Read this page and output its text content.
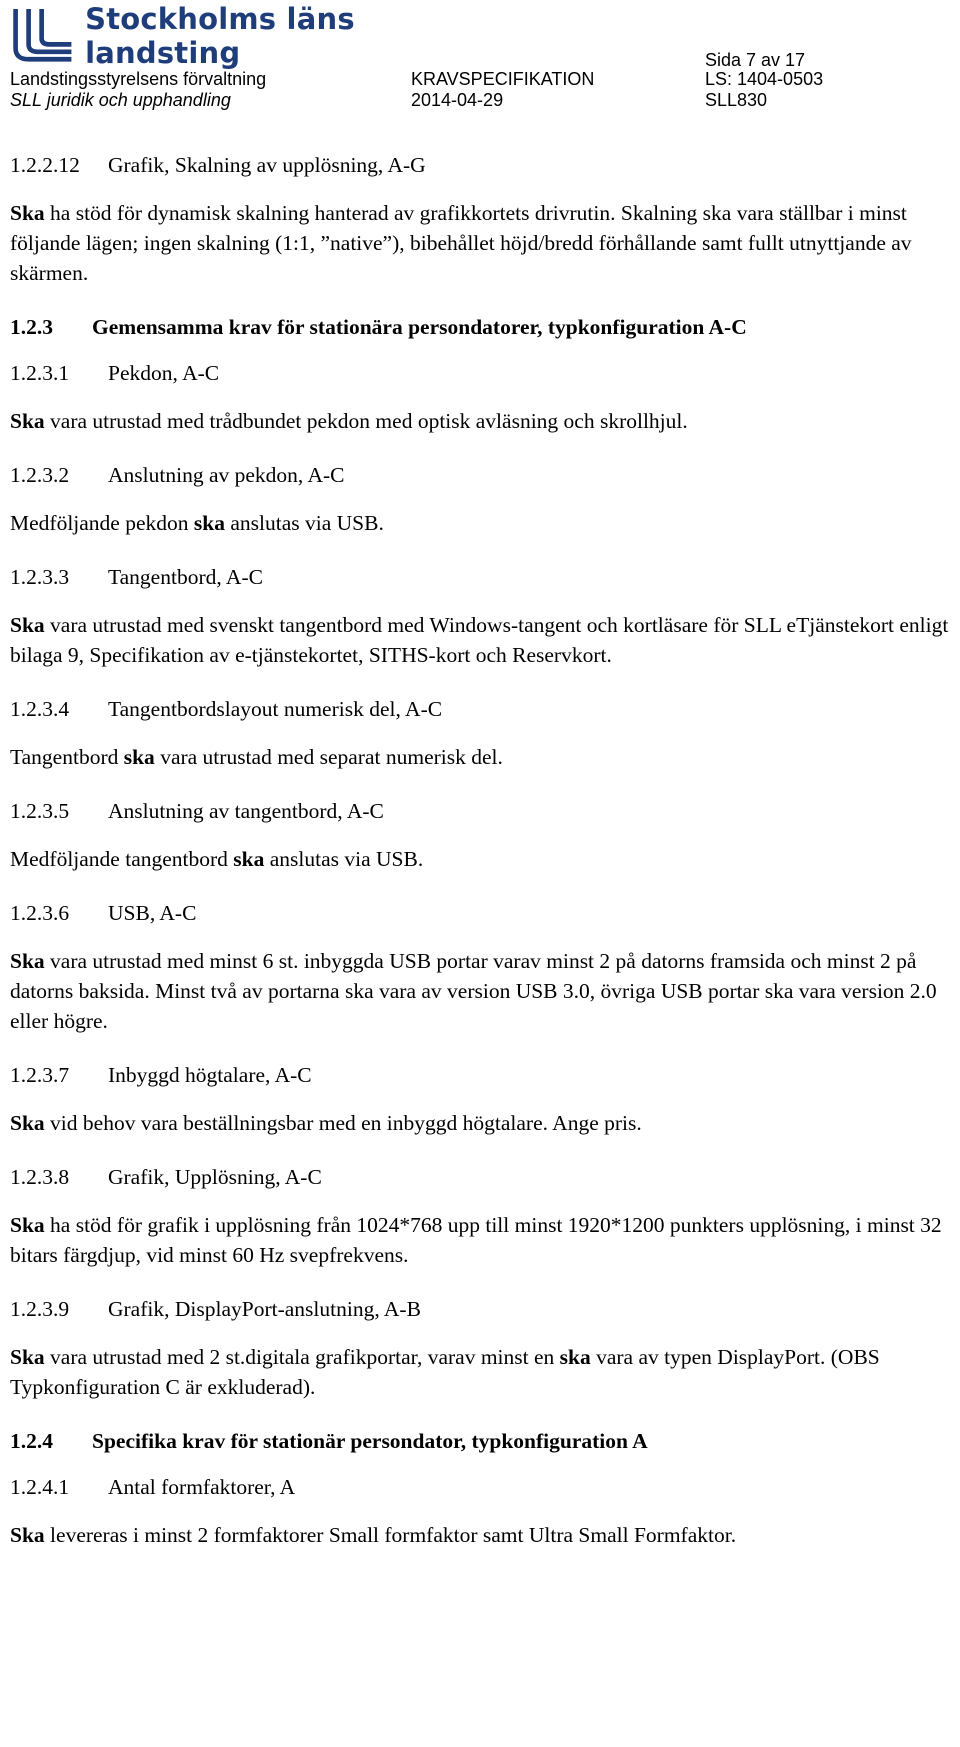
Stockholms läns landsting	Sida 7 av 17
Landstingsstyrelsens förvaltning
SLL juridik och upphandling
KRAVSPECIFIKATION
2014-04-29
LS: 1404-0503
SLL830

1.2.2.12 Grafik, Skalning av upplösning, A-G

Ska ha stöd för dynamisk skalning hanterad av grafikkortets drivrutin. Skalning ska vara ställbar i minst följande lägen; ingen skalning (1:1, ”native”), bibehållet höjd/bredd förhållande samt fullt utnyttjande av skärmen.

1.2.3 Gemensamma krav för stationära persondatorer, typkonfiguration A-C

1.2.3.1 Pekdon, A-C

Ska vara utrustad med trådbundet pekdon med optisk avläsning och skrollhjul.

1.2.3.2 Anslutning av pekdon, A-C

Medföljande pekdon ska anslutas via USB.

1.2.3.3 Tangentbord, A-C

Ska vara utrustad med svenskt tangentbord med Windows-tangent och kortläsare för SLL eTjänstekort enligt bilaga 9, Specifikation av e-tjänstekortet, SITHS-kort och Reservkort.

1.2.3.4 Tangentbordslayout numerisk del, A-C

Tangentbord ska vara utrustad med separat numerisk del.

1.2.3.5 Anslutning av tangentbord, A-C

Medföljande tangentbord ska anslutas via USB.

1.2.3.6 USB, A-C

Ska vara utrustad med minst 6 st. inbyggda USB portar varav minst 2 på datorns framsida och minst 2 på datorns baksida. Minst två av portarna ska vara av version USB 3.0, övriga USB portar ska vara version 2.0 eller högre.

1.2.3.7 Inbyggd högtalare, A-C

Ska vid behov vara beställningsbar med en inbyggd högtalare. Ange pris.

1.2.3.8 Grafik, Upplösning, A-C

Ska ha stöd för grafik i upplösning från 1024*768 upp till minst 1920*1200 punkters upplösning, i minst 32 bitars färgdjup, vid minst 60 Hz svepfrekvens.

1.2.3.9 Grafik, DisplayPort-anslutning, A-B

Ska vara utrustad med 2 st.digitala grafikportar, varav minst en ska vara av typen DisplayPort. (OBS Typkonfiguration C är exkluderad).

1.2.4 Specifika krav för stationär persondator, typkonfiguration A

1.2.4.1 Antal formfaktorer, A

Ska levereras i minst 2 formfaktorer Small formfaktor samt Ultra Small Formfaktor.
